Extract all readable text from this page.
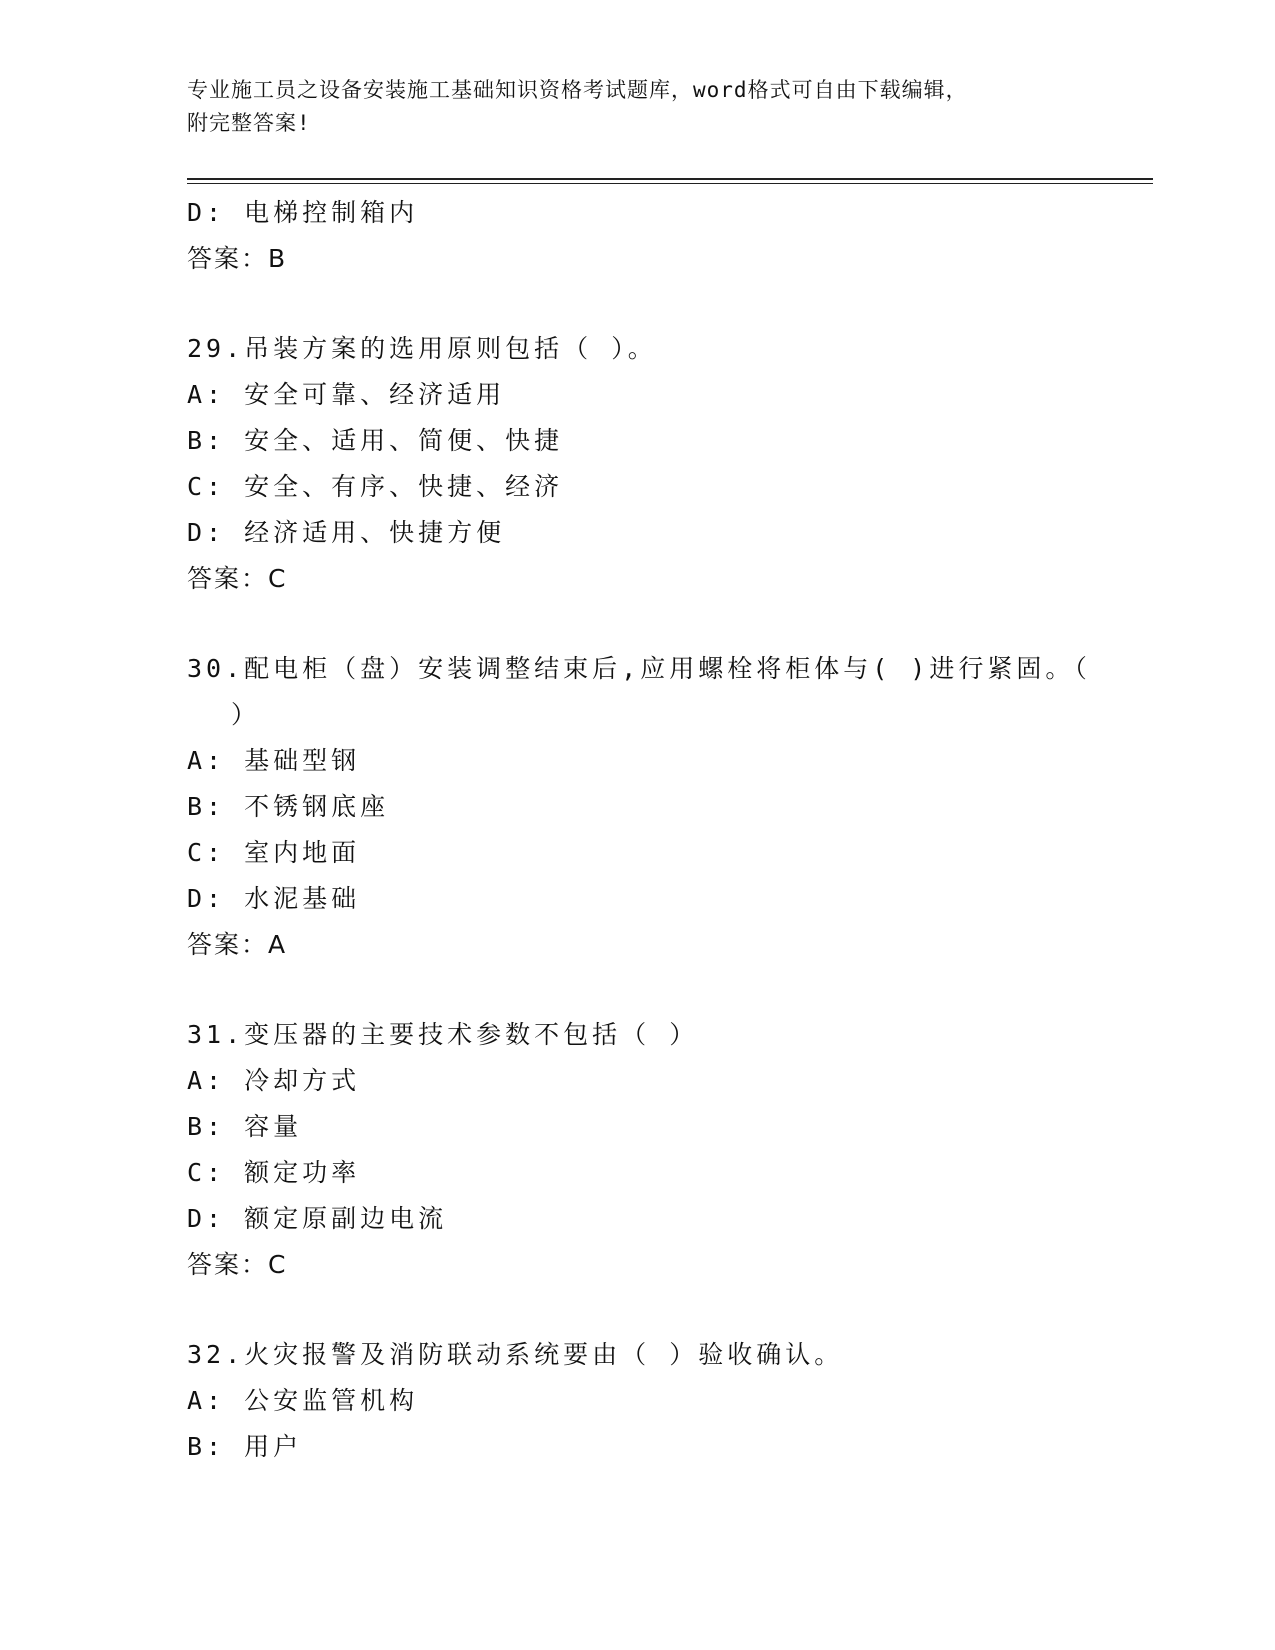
专业施工员之设备安装施工基础知识资格考试题库，word格式可自由下载编辑，
附完整答案!
D: 电梯控制箱内
答案：B
29.吊装方案的选用原则包括（ ）。
A: 安全可靠、经济适用
B: 安全、适用、简便、快捷
C: 安全、有序、快捷、经济
D: 经济适用、快捷方便
答案：C
30.配电柜（盘）安装调整结束后,应用螺栓将柜体与( )进行紧固。（
）
A: 基础型钢
B: 不锈钢底座
C: 室内地面
D: 水泥基础
答案：A
31.变压器的主要技术参数不包括（ ）
A: 冷却方式
B: 容量
C: 额定功率
D: 额定原副边电流
答案：C
32.火灾报警及消防联动系统要由（ ）验收确认。
A: 公安监管机构
B: 用户
